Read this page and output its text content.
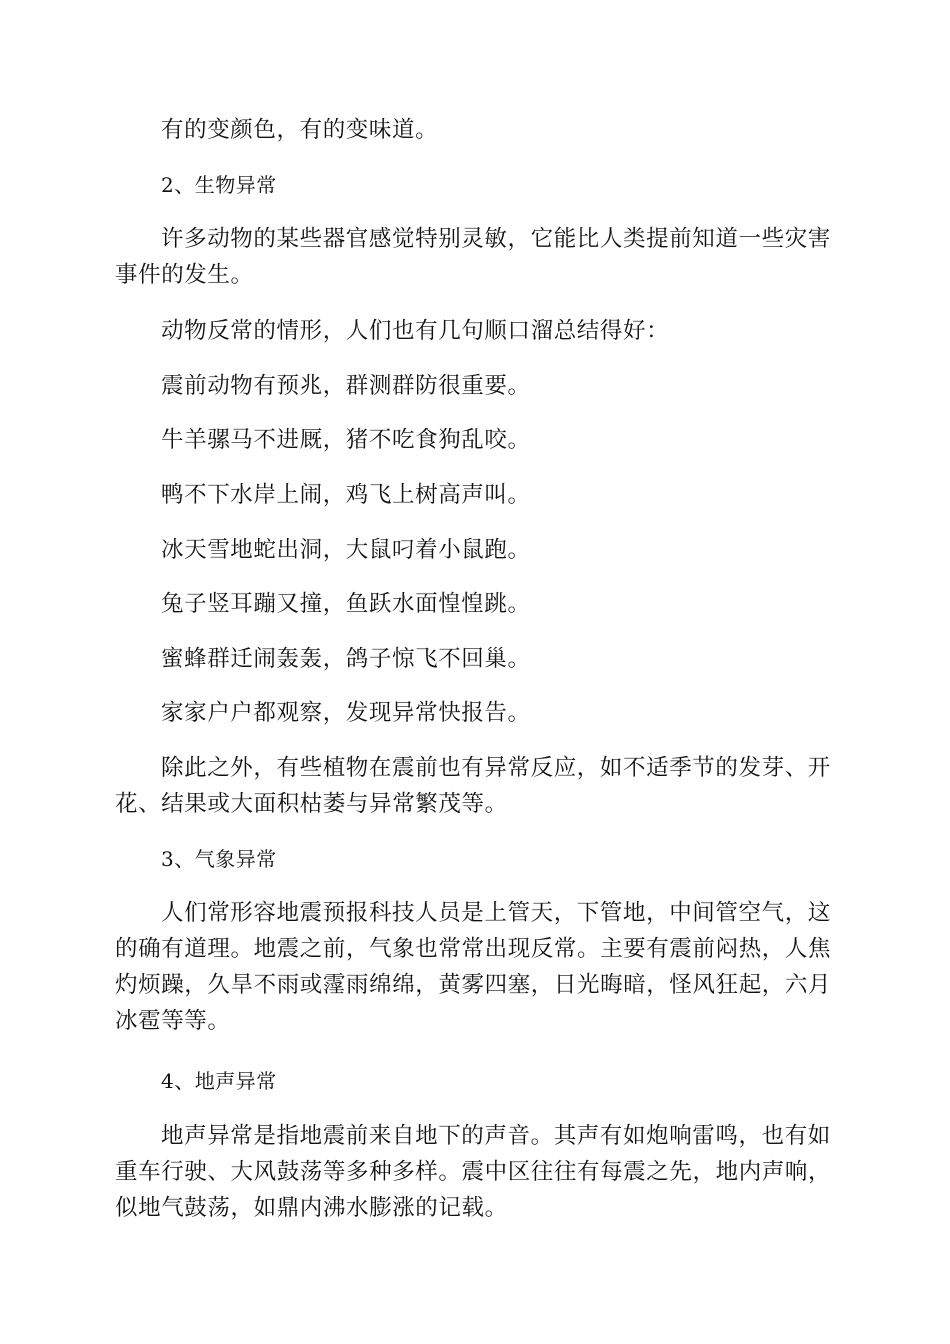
有的变颜色，有的变味道。

2、生物异常

许多动物的某些器官感觉特别灵敏，它能比人类提前知道一些灾害事件的发生。

动物反常的情形，人们也有几句顺口溜总结得好：

震前动物有预兆，群测群防很重要。

牛羊骡马不进厩，猪不吃食狗乱咬。

鸭不下水岸上闹，鸡飞上树高声叫。

冰天雪地蛇出洞，大鼠叼着小鼠跑。

兔子竖耳蹦又撞，鱼跃水面惶惶跳。

蜜蜂群迁闹轰轰，鸽子惊飞不回巢。

家家户户都观察，发现异常快报告。

除此之外，有些植物在震前也有异常反应，如不适季节的发芽、开花、结果或大面积枯萎与异常繁茂等。

3、气象异常

人们常形容地震预报科技人员是上管天，下管地，中间管空气，这的确有道理。地震之前，气象也常常出现反常。主要有震前闷热，人焦灼烦躁，久旱不雨或霪雨绵绵，黄雾四塞，日光晦暗，怪风狂起，六月冰雹等等。

4、地声异常

地声异常是指地震前来自地下的声音。其声有如炮响雷鸣，也有如重车行驶、大风鼓荡等多种多样。震中区往往有每震之先，地内声响，似地气鼓荡，如鼎内沸水膨涨的记载。
